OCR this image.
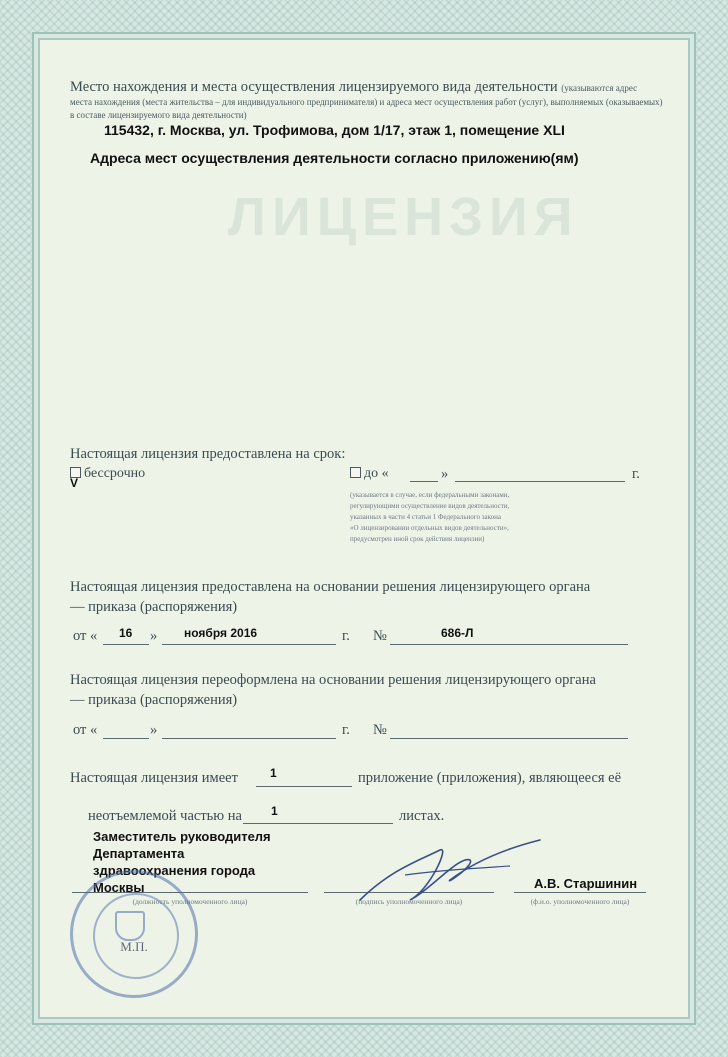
ЛИЦЕНЗИЯ
Место нахождения и места осуществления лицензируемого вида деятельности (указываются адрес
места нахождения (места жительства – для индивидуального предпринимателя) и адреса мест осуществления работ (услуг), выполняемых (оказываемых)
в составе лицензируемого вида деятельности)
115432, г. Москва, ул. Трофимова, дом 1/17, этаж 1, помещение XLI
Адреса мест осуществления деятельности согласно приложению(ям)
Настоящая лицензия предоставлена на срок:
бессрочно
V
до «	»	г.
(указывается в случае, если федеральными законами,
регулирующими осуществление видов деятельности,
указанных в части 4 статьи 1 Федерального закона
«О лицензировании отдельных видов деятельности»,
предусмотрен иной срок действия лицензии)
Настоящая лицензия предоставлена на основании решения лицензирующего органа
— приказа (распоряжения)
от « 16 » ноября 2016	г. №	686-Л
Настоящая лицензия переоформлена на основании решения лицензирующего органа
— приказа (распоряжения)
от «	»	г. №
Настоящая лицензия имеет	1	приложение (приложения), являющееся её
неотъемлемой частью на 1	листах.
Заместитель руководителя
Департамента
здравоохранения города
Москвы	А.В. Старшинин
(должность уполномоченного лица)	(подпись уполномоченного лица)	(ф.и.о. уполномоченного лица)
М.П.
